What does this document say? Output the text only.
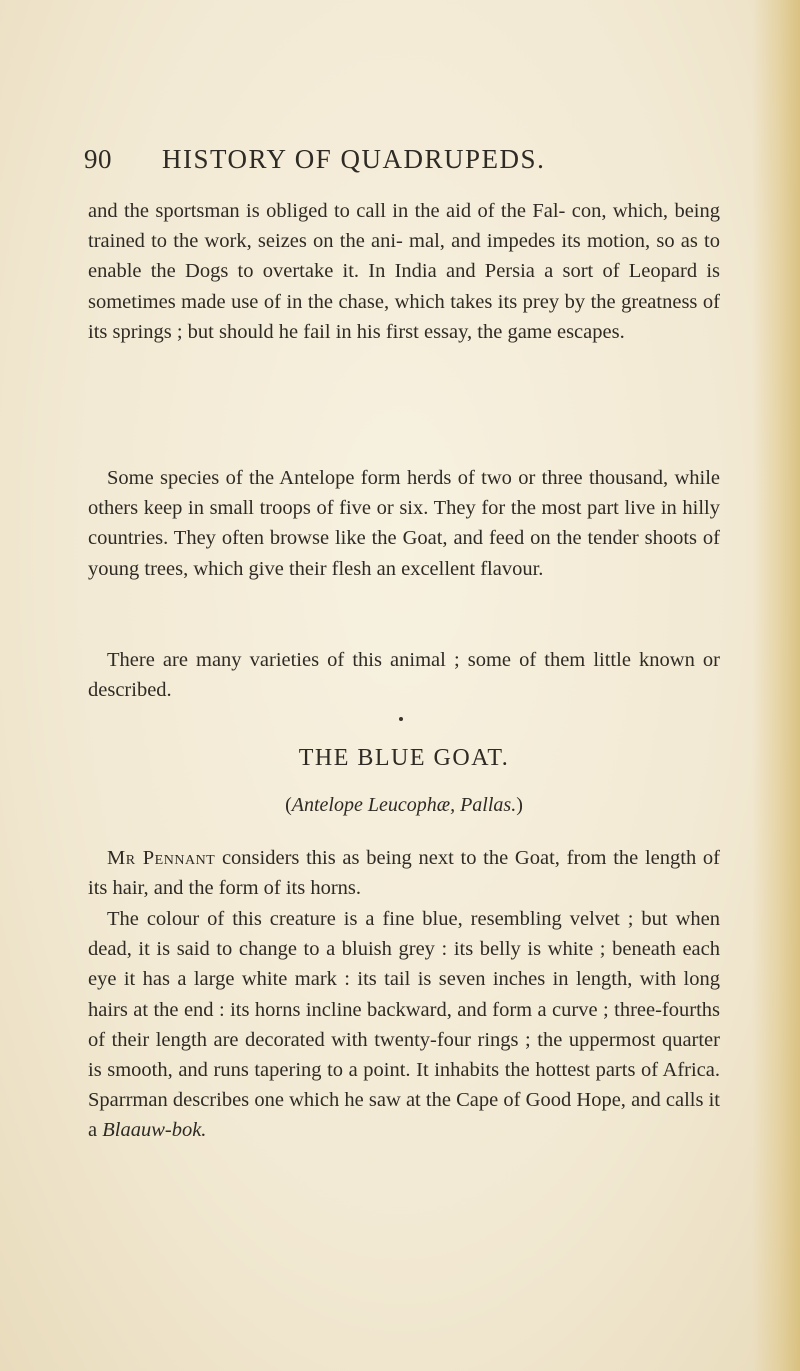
90 HISTORY OF QUADRUPEDS.

and the sportsman is obliged to call in the aid of the Fal- con, which, being trained to the work, seizes on the ani- mal, and impedes its motion, so as to enable the Dogs to overtake it. In India and Persia a sort of Leopard is sometimes made use of in the chase, which takes its prey by the greatness of its springs ; but should he fail in his first essay, the game escapes.

Some species of the Antelope form herds of two or three thousand, while others keep in small troops of five or six. They for the most part live in hilly countries. They often browse like the Goat, and feed on the tender shoots of young trees, which give their flesh an excellent flavour.

There are many varieties of this animal ; some of them little known or described.

THE BLUE GOAT.
(Antelope Leucophæ, Pallas.)

Mr Pennant considers this as being next to the Goat, from the length of its hair, and the form of its horns.

The colour of this creature is a fine blue, resembling velvet ; but when dead, it is said to change to a bluish grey : its belly is white ; beneath each eye it has a large white mark : its tail is seven inches in length, with long hairs at the end : its horns incline backward, and form a curve ; three-fourths of their length are decorated with twenty-four rings ; the uppermost quarter is smooth, and runs tapering to a point. It inhabits the hottest parts of Africa. Sparrman describes one which he saw at the Cape of Good Hope, and calls it a Blaauw-bok.
